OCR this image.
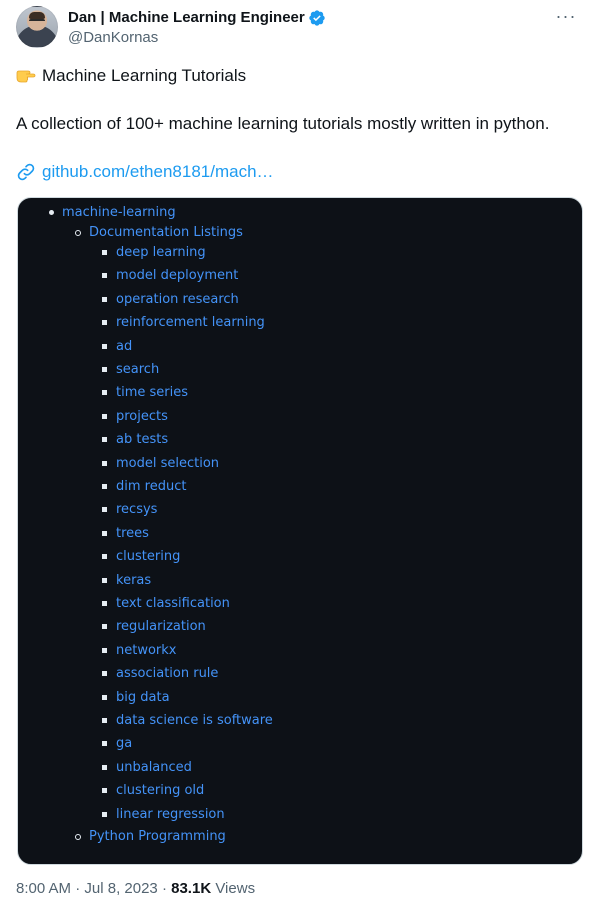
Dan | Machine Learning Engineer
@DanKornas
···
Machine Learning Tutorials
A collection of 100+ machine learning tutorials mostly written in python.
github.com/ethen8181/mach…
machine-learning
Documentation Listings
deep learning
model deployment
operation research
reinforcement learning
ad
search
time series
projects
ab tests
model selection
dim reduct
recsys
trees
clustering
keras
text classification
regularization
networkx
association rule
big data
data science is software
ga
unbalanced
clustering old
linear regression
Python Programming
8:00 AM · Jul 8, 2023 · 83.1K Views
